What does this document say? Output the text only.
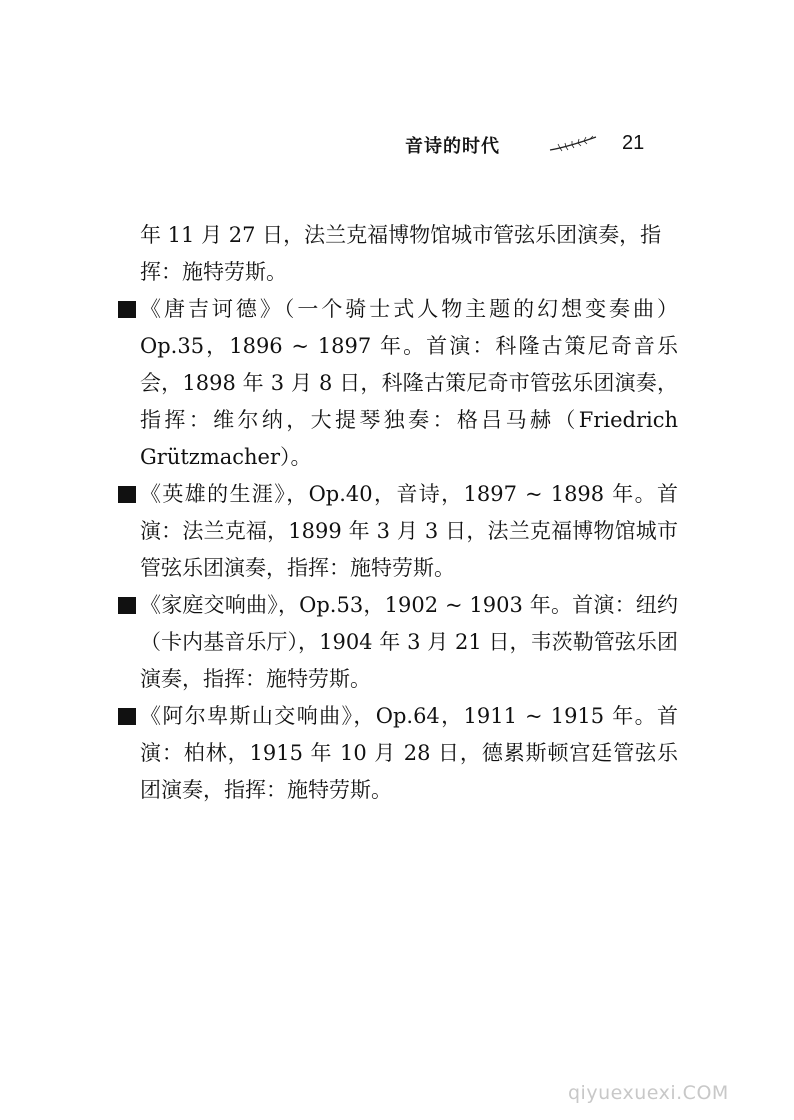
音诗的时代	21

年 11 月 27 日，法兰克福博物馆城市管弦乐团演奏，指挥：施特劳斯。

《唐吉诃德》（一个骑士式人物主题的幻想变奏曲）Op.35，1896 ~ 1897 年。首演：科隆古策尼奇音乐会，1898 年 3 月 8 日，科隆古策尼奇市管弦乐团演奏，指挥：维尔纳，大提琴独奏：格吕马赫（Friedrich Grützmacher）。

《英雄的生涯》，Op.40，音诗，1897 ~ 1898 年。首演：法兰克福，1899 年 3 月 3 日，法兰克福博物馆城市管弦乐团演奏，指挥：施特劳斯。

《家庭交响曲》，Op.53，1902 ~ 1903 年。首演：纽约（卡内基音乐厅），1904 年 3 月 21 日，韦茨勒管弦乐团演奏，指挥：施特劳斯。

《阿尔卑斯山交响曲》，Op.64，1911 ~ 1915 年。首演：柏林，1915 年 10 月 28 日，德累斯顿宫廷管弦乐团演奏，指挥：施特劳斯。

qiyuexuexi.COM
